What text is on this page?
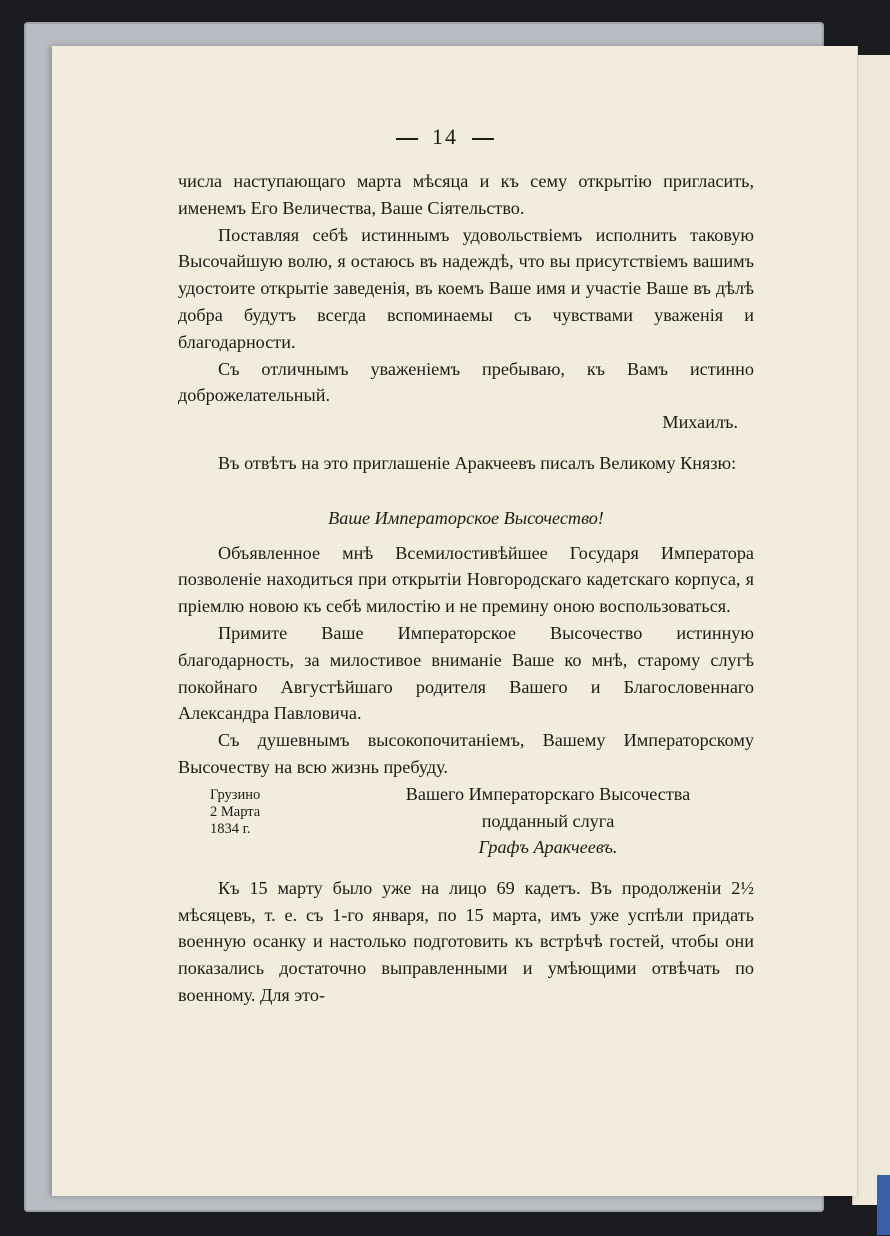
14

числа наступающаго марта мѣсяца и къ сему открытію пригласить, именемъ Его Величества, Ваше Сіятельство.

Поставляя себѣ истиннымъ удовольствіемъ исполнить таковую Высочайшую волю, я остаюсь въ надеждѣ, что вы присутствіемъ вашимъ удостоите открытіе заведенія, въ коемъ Ваше имя и участіе Ваше въ дѣлѣ добра будутъ всегда вспоминаемы съ чувствами уваженія и благодарности.

Съ отличнымъ уваженіемъ пребываю, къ Вамъ истинно доброжелательный.

Михаилъ.

Въ отвѣтъ на это приглашеніе Аракчеевъ писалъ Великому Князю:

Ваше Императорское Высочество!

Объявленное мнѣ Всемилостивѣйшее Государя Императора позволеніе находиться при открытіи Новгородскаго кадетскаго корпуса, я пріемлю новою къ себѣ милостію и не премину оною воспользоваться.

Примите Ваше Императорское Высочество истинную благодарность, за милостивое вниманіе Ваше ко мнѣ, старому слугѣ покойнаго Августѣйшаго родителя Вашего и Благословеннаго Александра Павловича.

Съ душевнымъ высокопочитаніемъ, Вашему Императорскому Высочеству на всю жизнь пребуду.

Грузино
2 Марта
1834 г.
Вашего Императорскаго Высочества
подданный слуга
Графъ Аракчеевъ.

Къ 15 марту было уже на лицо 69 кадетъ. Въ продолженіи 2½ мѣсяцевъ, т. е. съ 1-го января, по 15 марта, имъ уже успѣли придать военную осанку и настолько подготовить къ встрѣчѣ гостей, чтобы они показались достаточно выправленными и умѣющими отвѣчать по военному. Для это-
